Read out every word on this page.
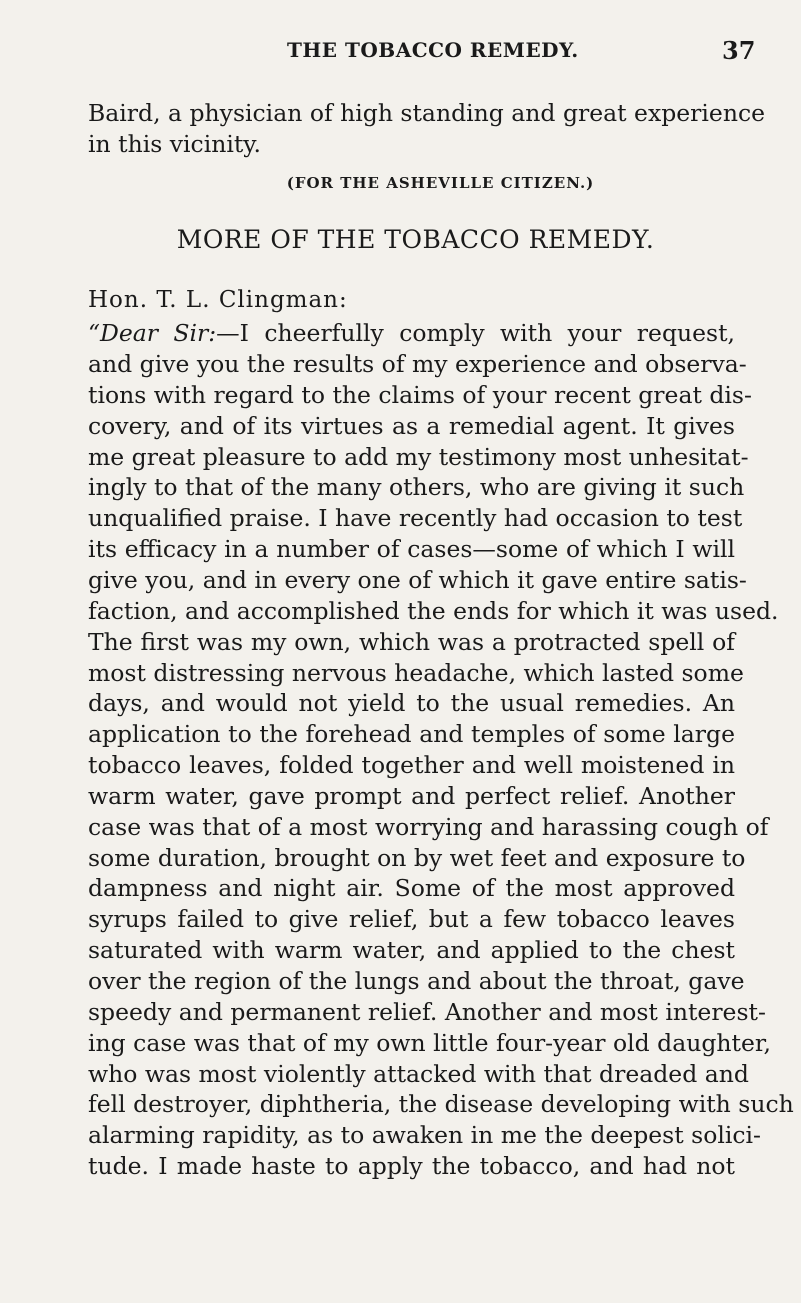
THE TOBACCO REMEDY.	37
Baird, a physician of high standing and great experience
in this vicinity.
(FOR THE ASHEVILLE CITIZEN.)
MORE OF THE TOBACCO REMEDY.
Hon. T. L. Clingman:
“Dear Sir:—I cheerfully comply with your request,
and give you the results of my experience and observa-
tions with regard to the claims of your recent great dis-
covery, and of its virtues as a remedial agent. It gives
me great pleasure to add my testimony most unhesitat-
ingly to that of the many others, who are giving it such
unqualified praise. I have recently had occasion to test
its efficacy in a number of cases—some of which I will
give you, and in every one of which it gave entire satis-
faction, and accomplished the ends for which it was used.
The first was my own, which was a protracted spell of
most distressing nervous headache, which lasted some
days, and would not yield to the usual remedies. An
application to the forehead and temples of some large
tobacco leaves, folded together and well moistened in
warm water, gave prompt and perfect relief. Another
case was that of a most worrying and harassing cough of
some duration, brought on by wet feet and exposure to
dampness and night air. Some of the most approved
syrups failed to give relief, but a few tobacco leaves
saturated with warm water, and applied to the chest
over the region of the lungs and about the throat, gave
speedy and permanent relief. Another and most interest-
ing case was that of my own little four-year old daughter,
who was most violently attacked with that dreaded and
fell destroyer, diphtheria, the disease developing with such
alarming rapidity, as to awaken in me the deepest solici-
tude. I made haste to apply the tobacco, and had not
